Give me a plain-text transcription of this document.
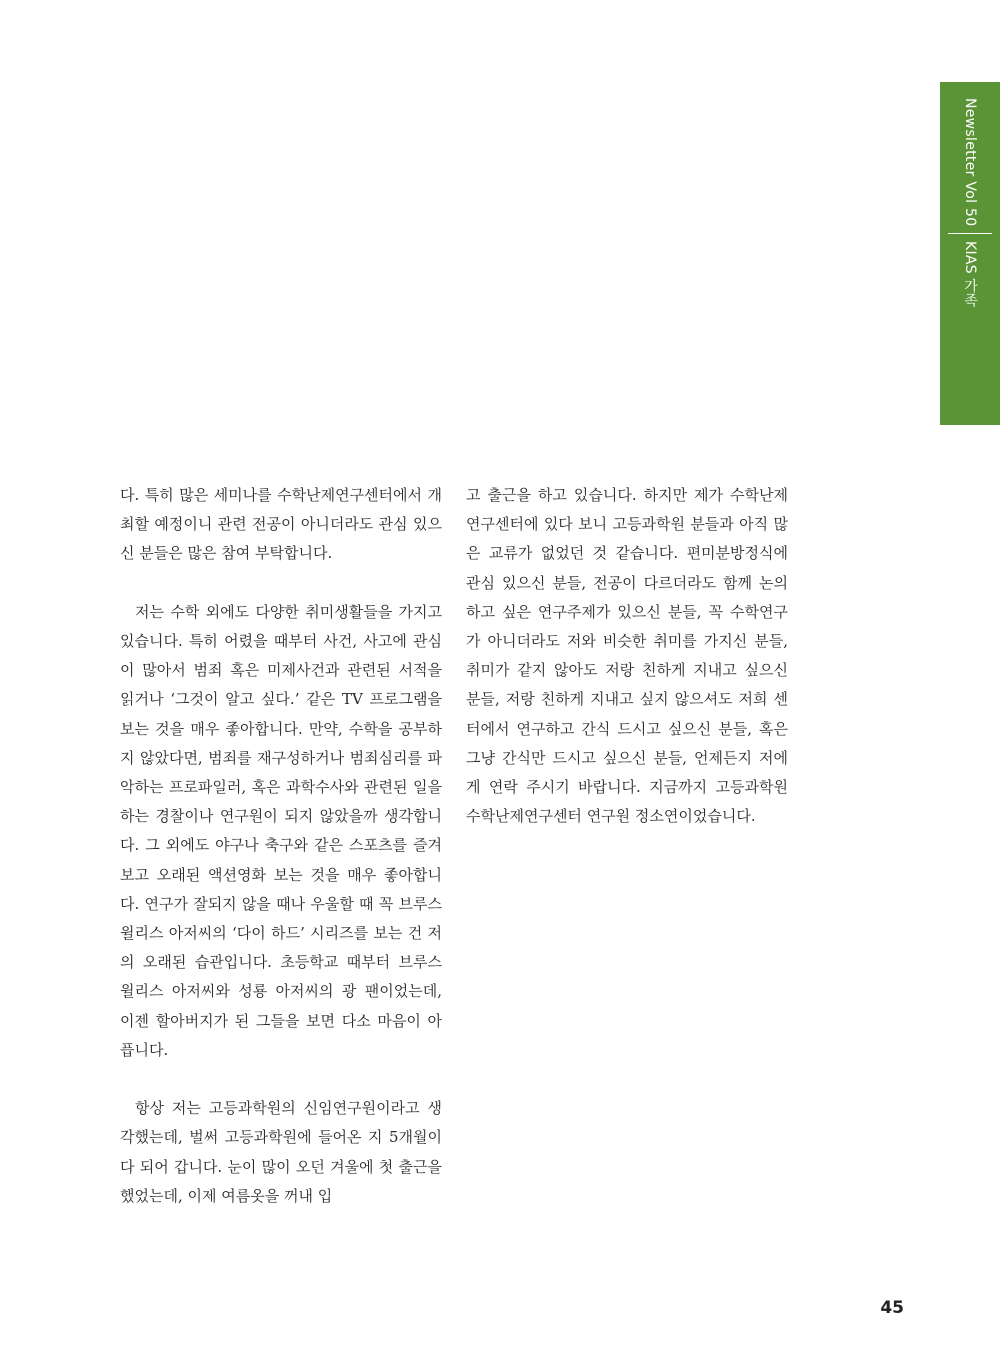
Newsletter Vol 50
KIAS 가족

다. 특히 많은 세미나를 수학난제연구센터에서 개최할 예정이니 관련 전공이 아니더라도 관심 있으신 분들은 많은 참여 부탁합니다.

저는 수학 외에도 다양한 취미생활들을 가지고 있습니다. 특히 어렸을 때부터 사건, 사고에 관심이 많아서 범죄 혹은 미제사건과 관련된 서적을 읽거나 ‘그것이 알고 싶다.’ 같은 TV 프로그램을 보는 것을 매우 좋아합니다. 만약, 수학을 공부하지 않았다면, 범죄를 재구성하거나 범죄심리를 파악하는 프로파일러, 혹은 과학수사와 관련된 일을 하는 경찰이나 연구원이 되지 않았을까 생각합니다. 그 외에도 야구나 축구와 같은 스포츠를 즐겨보고 오래된 액션영화 보는 것을 매우 좋아합니다. 연구가 잘되지 않을 때나 우울할 때 꼭 브루스 윌리스 아저씨의 ‘다이 하드’ 시리즈를 보는 건 저의 오래된 습관입니다. 초등학교 때부터 브루스 윌리스 아저씨와 성룡 아저씨의 광 팬이었는데, 이젠 할아버지가 된 그들을 보면 다소 마음이 아픕니다.

항상 저는 고등과학원의 신임연구원이라고 생각했는데, 벌써 고등과학원에 들어온 지 5개월이 다 되어 갑니다. 눈이 많이 오던 겨울에 첫 출근을 했었는데, 이제 여름옷을 꺼내 입

고 출근을 하고 있습니다. 하지만 제가 수학난제연구센터에 있다 보니 고등과학원 분들과 아직 많은 교류가 없었던 것 같습니다. 편미분방정식에 관심 있으신 분들, 전공이 다르더라도 함께 논의하고 싶은 연구주제가 있으신 분들, 꼭 수학연구가 아니더라도 저와 비슷한 취미를 가지신 분들, 취미가 같지 않아도 저랑 친하게 지내고 싶으신 분들, 저랑 친하게 지내고 싶지 않으셔도 저희 센터에서 연구하고 간식 드시고 싶으신 분들, 혹은 그냥 간식만 드시고 싶으신 분들, 언제든지 저에게 연락 주시기 바랍니다. 지금까지 고등과학원 수학난제연구센터 연구원 정소연이었습니다.

45
